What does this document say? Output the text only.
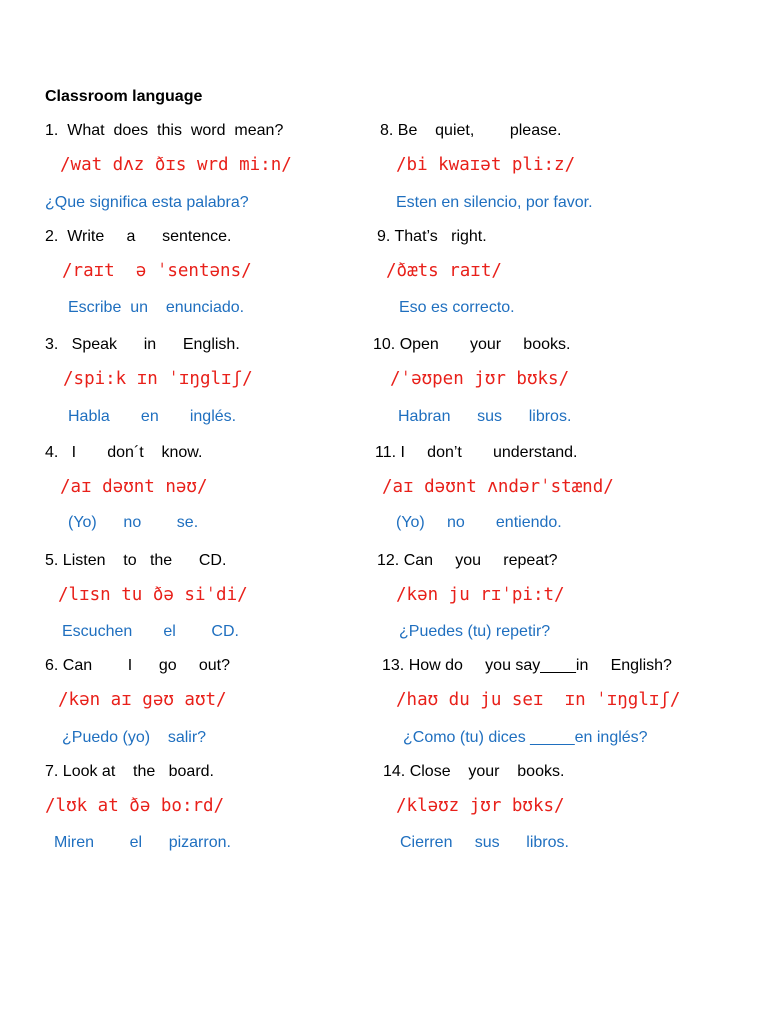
Classroom language
1.  What  does  this  word  mean?
/wat dʌz ðɪs wrd mi:n/
¿Que significa esta palabra?
2.  Write     a      sentence.
/raɪt  ə ˈsentəns/
Escribe  un    enunciado.
3.   Speak      in      English.
/spi:k ɪn ˈɪŋglɪʃ/
Habla       en       inglés.
4.   I       don´t    know.
/aɪ dəʊnt nəʊ/
(Yo)      no        se.
5. Listen    to   the      CD.
/lɪsn tu ðə siˈdi/
Escuchen       el        CD.
6. Can        I      go     out?
/kən aɪ gəʊ aʊt/
¿Puedo (yo)    salir?
7. Look at    the   board.
/lʊk at ðə bo:rd/
Miren        el      pizarron.
8. Be    quiet,        please.
/bi kwaɪət pli:z/
Esten en silencio, por favor.
9. That’s   right.
/ðæts raɪt/
Eso es correcto.
10. Open       your     books.
/ˈəʊpen jʊr bʊks/
Habran      sus      libros.
11. I     don’t       understand.
/aɪ dəʊnt ʌndərˈstænd/
(Yo)     no       entiendo.
12. Can     you     repeat?
/kən ju rɪˈpi:t/
¿Puedes (tu) repetir?
13. How do     you say____in     English?
/haʊ du ju seɪ  ɪn ˈɪŋglɪʃ/
¿Como (tu) dices _____en inglés?
14. Close    your    books.
/kləʊz jʊr bʊks/
Cierren     sus      libros.
